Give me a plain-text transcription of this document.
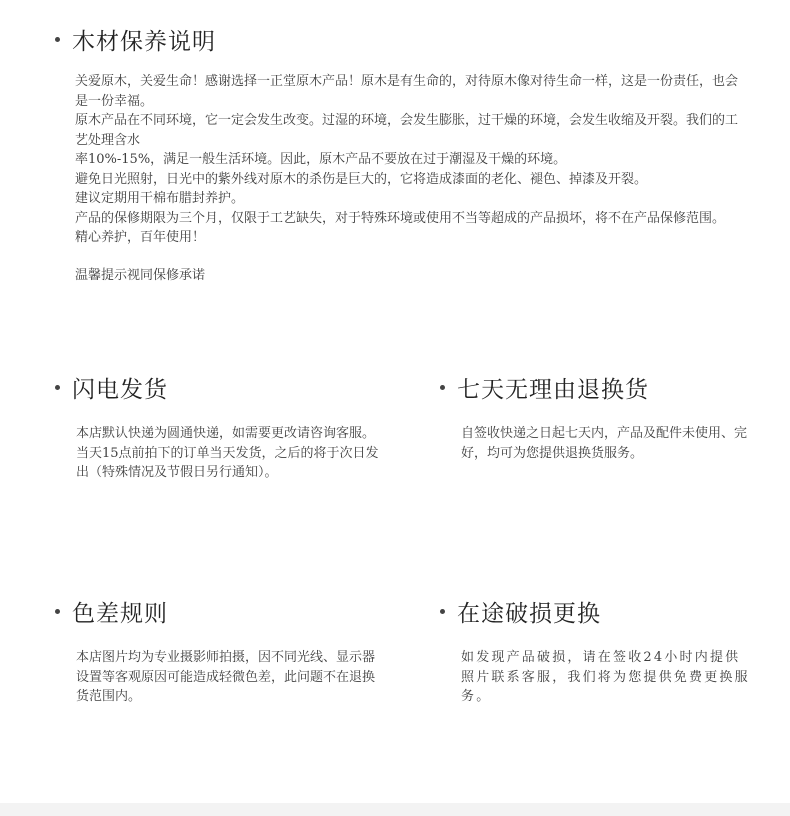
木材保养说明

关爱原木，关爱生命！感谢选择一正堂原木产品！原木是有生命的，对待原木像对待生命一样，这是一份责任，也会是一份幸福。

原木产品在不同环境，它一定会发生改变。过湿的环境，会发生膨胀，过干燥的环境，会发生收缩及开裂。我们的工艺处理含水

率10%-15%，满足一般生活环境。因此，原木产品不要放在过于潮湿及干燥的环境。

避免日光照射，日光中的紫外线对原木的杀伤是巨大的，它将造成漆面的老化、褪色、掉漆及开裂。

建议定期用干棉布腊封养护。

产品的保修期限为三个月，仅限于工艺缺失，对于特殊环境或使用不当等超成的产品损坏，将不在产品保修范围。

精心养护，百年使用！

温馨提示视同保修承诺

闪电发货
本店默认快递为圆通快递，如需要更改请咨询客服。当天15点前拍下的订单当天发货，之后的将于次日发出（特殊情况及节假日另行通知）。
七天无理由退换货
自签收快递之日起七天内，产品及配件未使用、完好，均可为您提供退换货服务。
色差规则
本店图片均为专业摄影师拍摄，因不同光线、显示器设置等客观原因可能造成轻微色差，此问题不在退换货范围内。
在途破损更换
如发现产品破损，请在签收24小时内提供照片联系客服，我们将为您提供免费更换服务。
